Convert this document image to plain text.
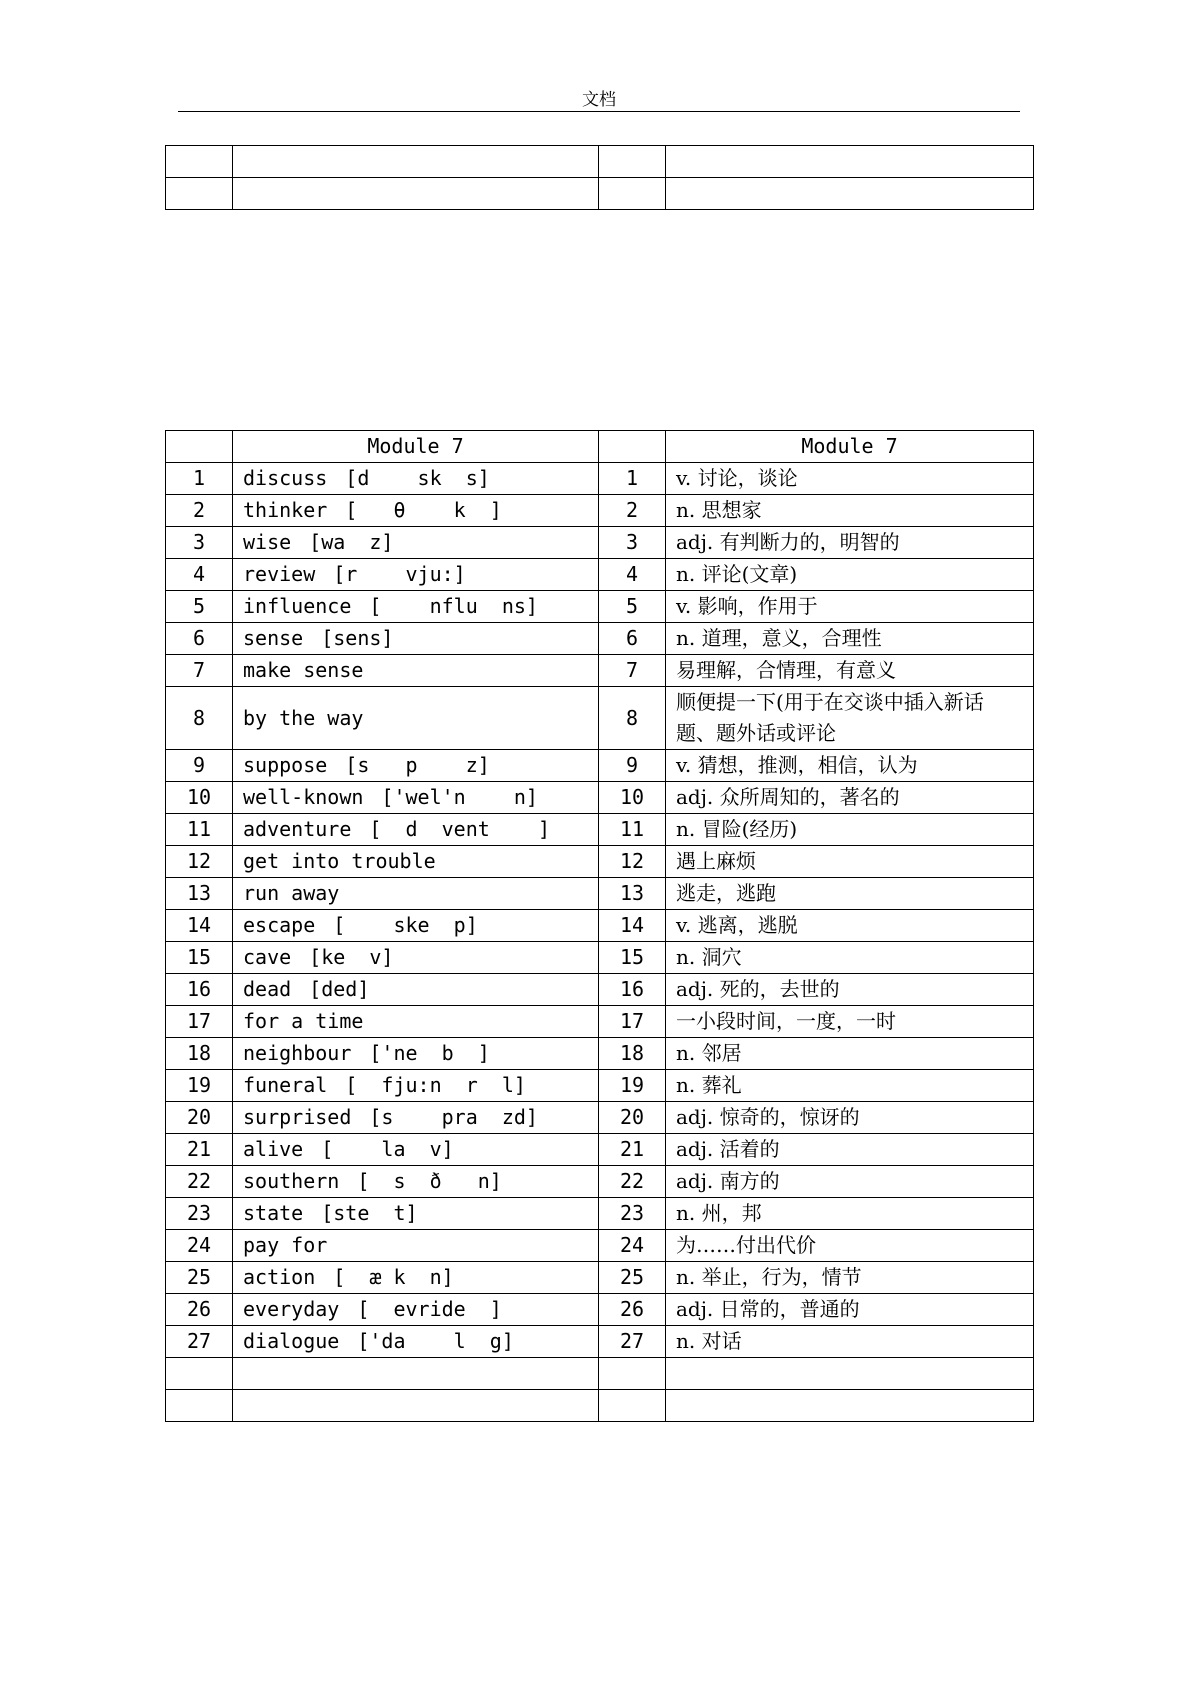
文档

	Module 7		Module 7
1	discuss [d    sk  s]	1	v. 讨论，谈论
2	thinker [   θ    k  ]	2	n. 思想家
3	wise [wa  z]	3	adj. 有判断力的，明智的
4	review [r    vju:]	4	n. 评论(文章)
5	influence [    nflu  ns]	5	v. 影响，作用于
6	sense [sens]	6	n. 道理，意义，合理性
7	make sense	7	易理解，合情理，有意义
8	by the way	8	顺便提一下(用于在交谈中插入新话题、题外话或评论
9	suppose [s   p    z]	9	v. 猜想，推测，相信，认为
10	well-known ['wel'n    n]	10	adj. 众所周知的，著名的
11	adventure [  d  vent    ]	11	n. 冒险(经历)
12	get into trouble	12	遇上麻烦
13	run away	13	逃走，逃跑
14	escape [    ske  p]	14	v. 逃离，逃脱
15	cave [ke  v]	15	n. 洞穴
16	dead [ded]	16	adj. 死的，去世的
17	for a time	17	一小段时间，一度，一时
18	neighbour ['ne  b  ]	18	n. 邻居
19	funeral [  fju:n  r  l]	19	n. 葬礼
20	surprised [s    pra  zd]	20	adj. 惊奇的，惊讶的
21	alive [    la  v]	21	adj. 活着的
22	southern [  s  ð   n]	22	adj. 南方的
23	state [ste  t]	23	n. 州，邦
24	pay for	24	为……付出代价
25	action [  æ k  n]	25	n. 举止，行为，情节
26	everyday [  evride  ]	26	adj. 日常的，普通的
27	dialogue ['da    l  g]	27	n. 对话
